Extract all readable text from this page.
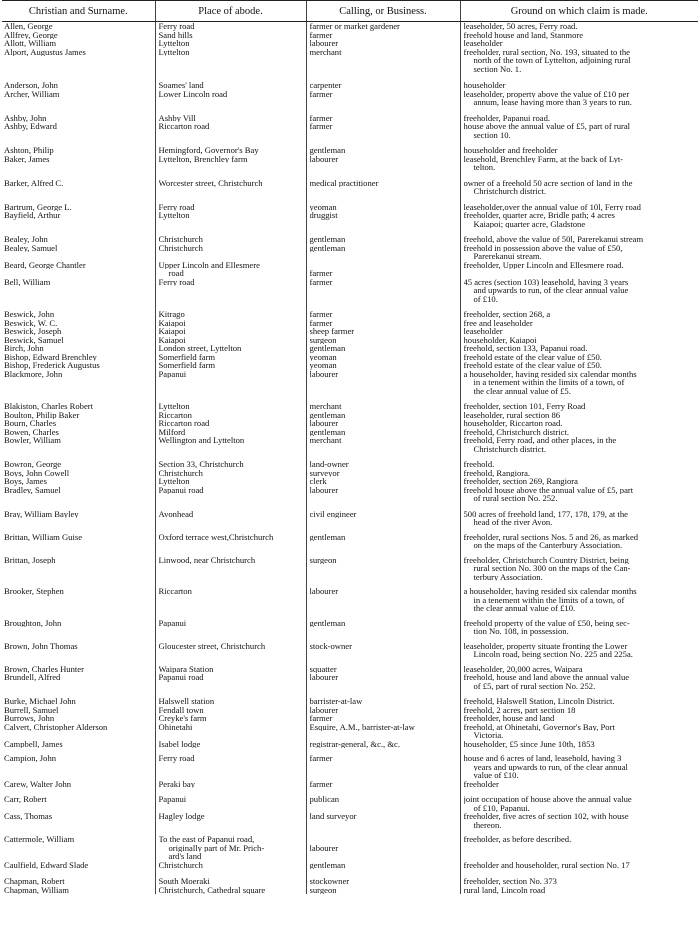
Christian and Surname.	Place of abode.	Calling, or Business.	Ground on which claim is made.

Allen, George	Ferry road	farmer or market gardener	leaseholder, 50 acres, Ferry road.

Allfrey, George	Sand hills	farmer	freehold house and land, Stanmore

Allott, William	Lyttelton	labourer	leaseholder

Alport, Augustus James	Lyttelton	merchant	freeholder, rural section, No. 193, situated to the
north of the town of Lyttelton, adjoining rural
section No. 1.

Anderson, John	Soames' land	carpenter	householder

Archer, William	Lower Lincoln road	farmer	leaseholder, property above the value of £10 per
annum, lease having more than 3 years to run.

Ashby, John	Ashby Vill	farmer	freeholder, Papanui road.

Ashby, Edward	Riccarton road	farmer	house above the annual value of £5, part of rural
section 10.

Ashton, Philip	Hemingford, Governor's Bay	gentleman	householder and freeholder

Baker, James	Lyttelton, Brenchley farm	labourer	leasehold, Brenchley Farm, at the back of Lyt-
telton.

Barker, Alfred C.	Worcester street, Christchurch	medical practitioner	owner of a freehold 50 acre section of land in the
Christchurch district.

Bartrum, George L.	Ferry road	yeoman	leaseholder,over the annual value of 10l, Ferry road

Bayfield, Arthur	Lyttelton	druggist	freeholder, quarter acre, Bridle path; 4 acres
Kaiapoi; quarter acre, Gladstone

Bealey, John	Christchurch	gentleman	freehold, above the value of 50l, Parerekanui stream

Bealey, Samuel	Christchurch	gentleman	freehold in possession above the value of £50,
Parerekanui stream.

Beard, George Chantler	Upper Lincoln and Ellesmere
road	farmer	freeholder, Upper Lincoln and Ellesmere road.

Bell, William	Ferry road	farmer	45 acres (section 103) leasehold, having 3 years
and upwards to run, of the clear annual value
of £10.

Beswick, John	Kitrago	farmer	freeholder, section 268, a

Beswick, W. C.	Kaiapoi	farmer	free and leaseholder

Beswick, Joseph	Kaiapoi	sheep farmer	leaseholder

Beswick, Samuel	Kaiapoi	surgeon	householder, Kaiapoi

Birch, John	London street, Lyttelton	gentleman	freehold, section 133, Papanui road.

Bishop, Edward Brenchley	Somerfield farm	yeoman	freehold estate of the clear value of £50.

Bishop, Frederick Augustus	Somerfield farm	yeoman	freehold estate of the clear value of £50.

Blackmore, John	Papanui	labourer	a householder, having resided six calendar months
in a tenement within the limits of a town, of
the clear annual value of £5.

Blakiston, Charles Robert	Lyttelton	merchant	freeholder, section 101, Ferry Road

Boulton, Philip Baker	Riccarton	gentleman	leaseholder, rural section 86

Bourn, Charles	Riccarton road	labourer	householder, Riccarton road.

Bowen, Charles	Milford	gentleman	freehold, Christchurch district.

Bowler, William	Wellington and Lyttelton	merchant	freehold, Ferry road, and other places, in the
Christchurch district.

Bowron, George	Section 33, Christchurch	land-owner	freehold.

Boys, John Cowell	Christchurch	surveyor	freehold, Rangiora.

Boys, James	Lyttelton	clerk	freeholder, section 269, Rangiora

Bradley, Samuel	Papanui road	labourer	freehold house above the annual value of £5, part
of rural section No. 252.

Bray, William Bayley	Avonhead	civil engineer	500 acres of freehold land, 177, 178, 179, at the
head of the river Avon.

Brittan, William Guise	Oxford terrace west,Christchurch	gentleman	freeholder, rural sections Nos. 5 and 26, as marked
on the maps of the Canterbury Association.

Brittan, Joseph	Linwood, near Christchurch	surgeon	freeholder, Christchurch Country District, being
rural section No. 300 on the maps of the Can-
terbury Association.

Brooker, Stephen	Riccarton	labourer	a householder, having resided six calendar months
in a tenement within the limits of a town, of
the clear annual value of £10.

Broughton, John	Papanui	gentleman	freehold property of the value of £50, being sec-
tion No. 108, in possession.

Brown, John Thomas	Gloucester street, Christchurch	stock-owner	leaseholder, property situate fronting the Lower
Lincoln road, being section No. 225 and 225a.

Brown, Charles Hunter	Waipara Station	squatter	leaseholder, 20,000 acres, Waipara

Brundell, Alfred	Papanui road	labourer	freehold, house and land above the annual value
of £5, part of rural section No. 252.

Burke, Michael John	Halswell station	barrister-at-law	freehold, Halswell Station, Lincoln District.

Burrell, Samuel	Fendall town	labourer	freehold, 2 acres, part section 18

Burrows, John	Creyke's farm	farmer	freeholder, house and land

Calvert, Christopher Alderson	Ohinetahi	Esquire, A.M., barrister-at-law	freehold, at Ohinetahi, Governor's Bay, Port
Victoria.

Campbell, James	Isabel lodge	registrar-general, &c., &c.	householder, £5 since June 10th, 1853

Campion, John	Ferry road	farmer	house and 6 acres of land, leasehold, having 3
years and upwards to run, of the clear annual
value of £10.

Carew, Walter John	Peraki bay	farmer	freeholder

Carr, Robert	Papanui	publican	joint occupation of house above the annual value
of £10, Papanui.

Cass, Thomas	Hagley lodge	land surveyor	freeholder, five acres of section 102, with house
thereon.

Cattermole, William	To the east of Papanui road,
originally part of Mr. Prich-
ard's land	labourer	freeholder, as before described.

Caulfield, Edward Slade	Christchurch	gentleman	freeholder and householder, rural section No. 17

Chapman, Robert	South Moeraki	stockowner	freeholder, section No. 373

Chapman, William	Christchurch, Cathedral square	surgeon	rural land, Lincoln road
